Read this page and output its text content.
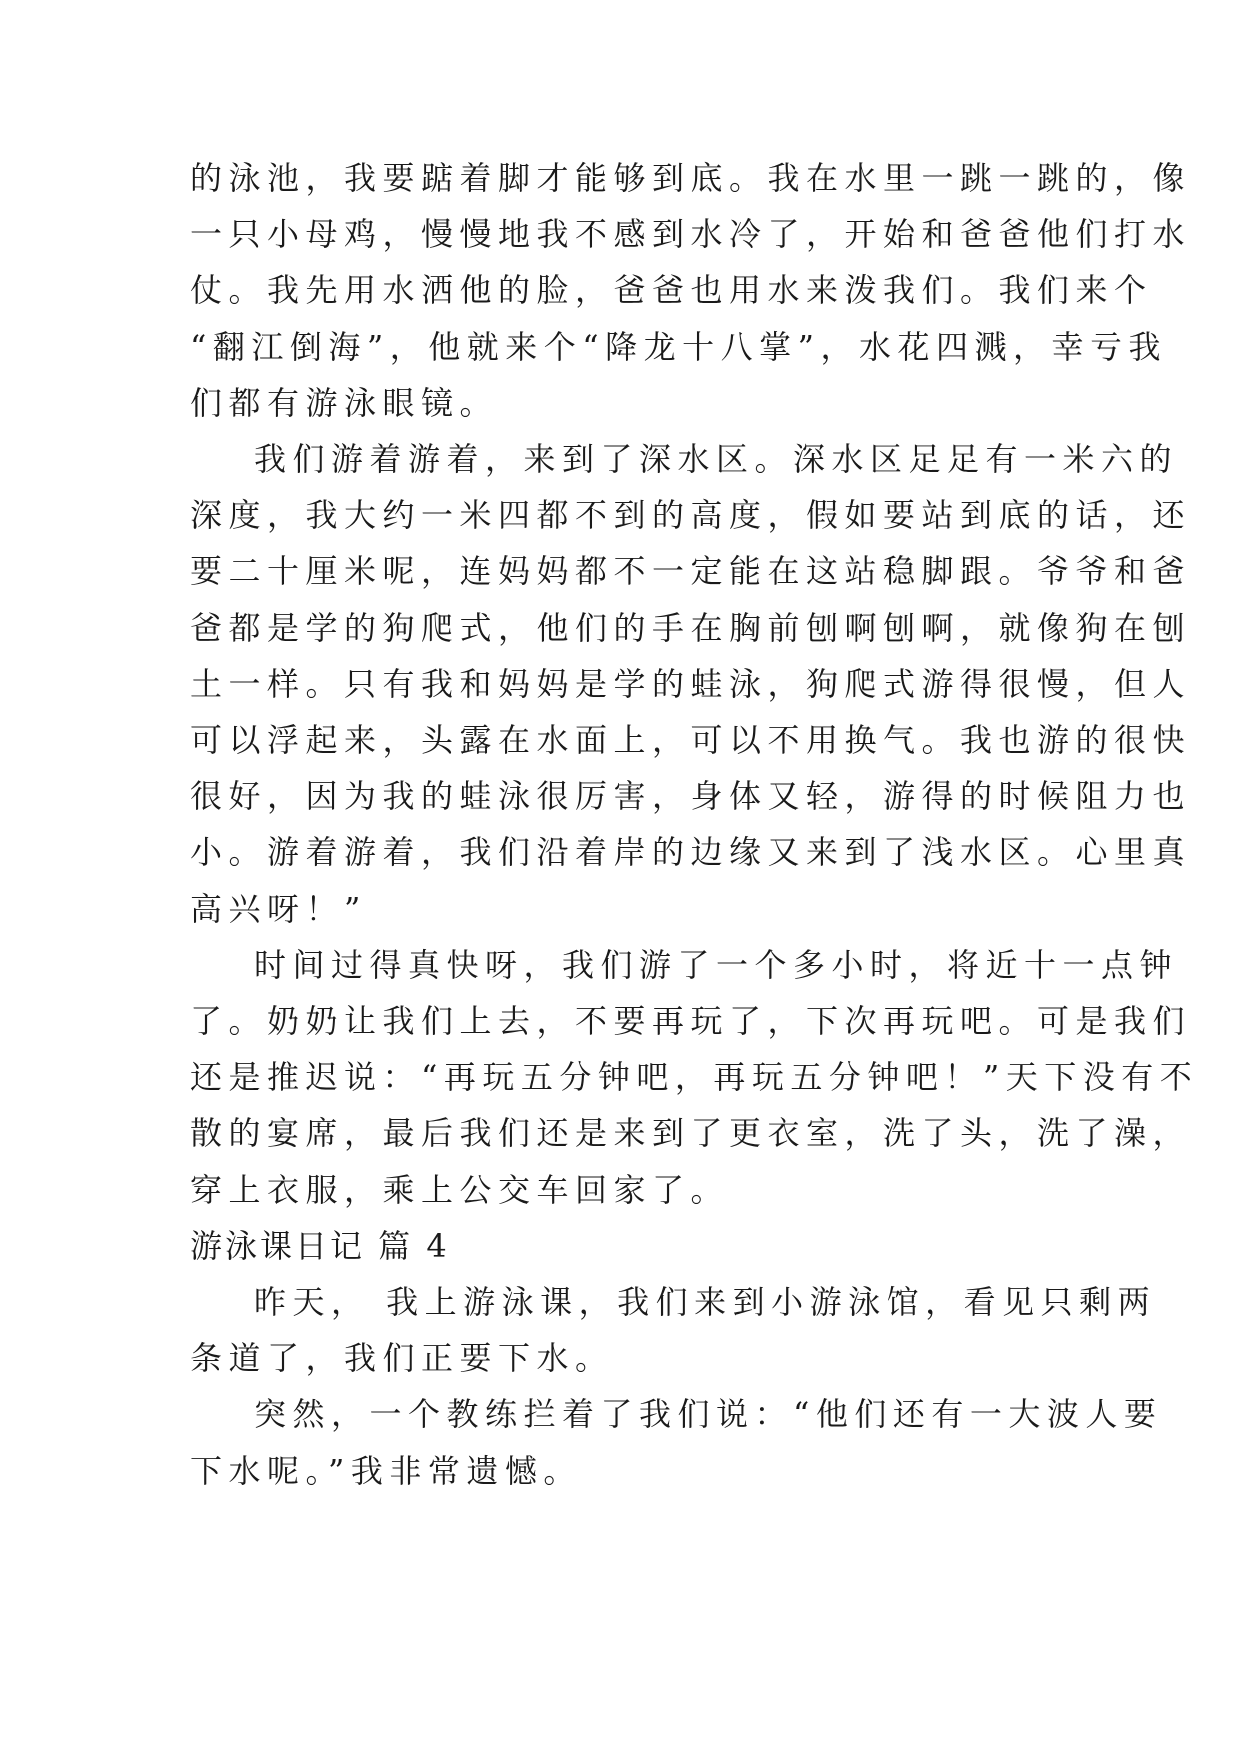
的泳池，我要踮着脚才能够到底。我在水里一跳一跳的，像
一只小母鸡，慢慢地我不感到水冷了，开始和爸爸他们打水
仗。我先用水洒他的脸，爸爸也用水来泼我们。我们来个
“翻江倒海”，他就来个“降龙十八掌”，水花四溅，幸亏我
们都有游泳眼镜。
我们游着游着，来到了深水区。深水区足足有一米六的
深度，我大约一米四都不到的高度，假如要站到底的话，还
要二十厘米呢，连妈妈都不一定能在这站稳脚跟。爷爷和爸
爸都是学的狗爬式，他们的手在胸前刨啊刨啊，就像狗在刨
土一样。只有我和妈妈是学的蛙泳，狗爬式游得很慢，但人
可以浮起来，头露在水面上，可以不用换气。我也游的很快
很好，因为我的蛙泳很厉害，身体又轻，游得的时候阻力也
小。游着游着，我们沿着岸的边缘又来到了浅水区。心里真
高兴呀！”
时间过得真快呀，我们游了一个多小时，将近十一点钟
了。奶奶让我们上去，不要再玩了，下次再玩吧。可是我们
还是推迟说：“再玩五分钟吧，再玩五分钟吧！”天下没有不
散的宴席，最后我们还是来到了更衣室，洗了头，洗了澡，
穿上衣服，乘上公交车回家了。
游泳课日记 篇 4
昨天， 我上游泳课，我们来到小游泳馆，看见只剩两
条道了，我们正要下水。
突然，一个教练拦着了我们说：“他们还有一大波人要
下水呢。”我非常遗憾。
